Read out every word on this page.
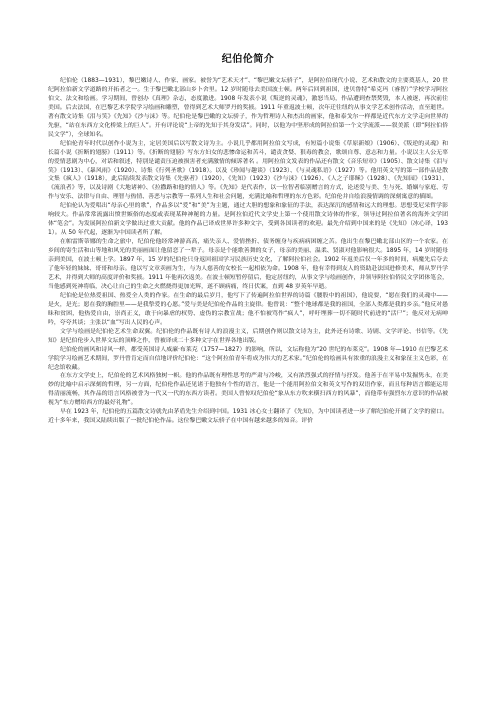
纪伯伦简介

纪伯伦（1883—1931），黎巴嫩诗人、作家、画家。被誉为“艺术天才”、“黎巴嫩文坛骄子”，是阿拉伯现代小说、艺术和散文的主要奠基人，20 世纪阿拉伯新文学道路的开拓者之一。生于黎巴嫩北部山乡卜舍里。12 岁时随母去美国波士顿。两年后回到祖国，进贝鲁特“希克玛（睿智）”学校学习阿拉伯文、法文和绘画。学习期间，曾创办《真理》杂志，态度激进。1908 年发表小说《叛逆的灵魂》，激怒当局，作品遭到查禁焚毁，本人被逐，再次前往美国。后去法国，在巴黎艺术学院学习绘画和雕塑，曾得到艺术大师罗丹的奖掖。1911 年重返波士顿，次年迁往纽约从事文学艺术创作活动，直至逝世。著有散文诗集《泪与笑》《先知》《沙与沫》等。纪伯伦是黎巴嫩的文坛骄子，作为哲理诗人和杰出的画家，他和泰戈尔一样都是近代东方文学走向世界的先驱，“站在东西方文化桥梁上的巨人”。开有评论说“上帝的先知于其身发话”。同时，以他为中坚形成的阿拉伯第一个文学流派——叙美派（即“阿拉伯侨民文学”），全球知名。

纪伯伦青年时代以创作小说为主，定居美国后以写散文诗为主。小说几乎都用阿拉伯文写成，有短篇小说集《草原新娘》（1906）、《叛逆的灵魂》和长篇小说《折断的翅膀》（1911）等。《折断的翅膀》写东方妇女的悲惨命运和苦斗，谴责贪婪、狠毒的教会，歌颂自尊、意志和力量。小说以主人公无辜的爱情悲剧为中心，对话和叙述，特别是谴责压迫被损害者充满激情的倾诉著名 。用阿拉伯文发表的作品还有散文《音乐短章》（1905）、散文诗集《泪与笑》（1913）、《暴风雨》（1920）、诗集《行列圣歌》（1918）。以及《珍闻与趣谈》（1923）、《与灵魂私语》（1927）等。他用英文写的第一部作品是散文集《疯人》（1918），此后陆续发表散文诗集《先驱者》（1920）、《先知》（1923）《沙与沫》（1926）、《人之子耶稣》（1928）、《先知园》（1931）、《流浪者》等，以及诗剧《大地诸神》、《拉撒路和他的情人》等。《先知》是代表作，以一位智者临别赠言的方式，论述爱与美、生与死、婚姻与家庭、劳作与安乐、法律与自由、理智与热情、善恶与宗教等一系列人生和社会问题，充满比喻和哲理的东方色彩。纪伯伦并自绘浪漫情调的深刻寓意的插图。

纪伯伦认为爱唱出“母亲心里的歌”，作品多以“爱”和“美”为主题，通过大胆的想象和象征的手法，表达深沉的感情和远大的理想。思想受尼采哲学影响较大。作品常常流露出愤世嫉俗的态度或表现某种神秘的力量。是阿拉伯近代文学史上第一个使用散文诗体的作家，领导过阿拉伯著名的海外文学团体“笔会”。为发展阿拉伯新文学做出过重大贡献。他的作品已译成世界许多种文字，受到各国读者的欢迎。最先介绍到中国来的是《先知》（冰心译，1931）。从 50 年代起，逐渐为中国读者所了解。

在帕雷斯蒂娜的生命之旅中，纪伯伦他经常神游高高，痛失亲人、爱情挫折、债务缠身与疾病病困缠之苦。他出生在黎巴嫩北部山区的一个农家。在乡间的寄生活和山等地和风光的美丽画面让他留恋了一辈子。母亲是个能歌善舞的女子，母亲的美丽、温柔、贤淑对他影响很大。1895 年，14 岁时随母亲到美国，在波士顿上学。1897 年，15 岁的纪伯伦只身返回祖国学习民族历史文化，了解阿拉伯社会。1902 年返美后仅一年多的时间，病魔先后夺去了他年轻的妹妹、哥哥和母亲。他以写文章卖画为生，与为人慈善的女校长一起相依为命。1908 年，他有幸得到友人的资助赴法国进修美术，师从罗丹学艺术，并得到大师的高度评价和奖掖。1911 年他再次返美。在波士顿短暂停留后，他定居纽约，从事文学与绘画创作，并领导阿拉伯侨民文学团体笔会，当他感到死神将临，决心让自己的生命之火燃烧得更加光辉，遂不顾病痛，终日伏案，直到 48 岁英年早逝。

纪伯伦是位热爱祖国、热爱全人类的作家。在生命的最后岁月，他写下了传遍阿拉伯世界的诗篇《腰股中的祖国》，他说要，“愿在我们的灵魂中——是火，是光；愿在我的胸腔里——是我挚爱的心愿。”爱与美是纪伯伦作品的主旋律。他曾说：“整个地球都是我的祖国，全部人类都是我的乡亲。”他反对愚昧和贫困，他热爱自由，崇尚正义，敢于向暴虐的权势、虚伪的宗教宣战；他不怕被骂作“疯人”，呼吁埋葬一切不随时代前进的“活尸”；他反对无病呻吟，夸夸其谈；主张以“血”写出人民的心声。

文学与绘画是纪伯伦艺术生命双翼。纪伯伦的作品既有诗人的浪漫主义，后期创作则以散文诗为主，此外还有诗歌、诗剧、文学评论、书信等。《先知》是纪伯伦步入世界文坛的顶峰之作，曾被译成二十多种文字在世界各地出版。

纪伯伦的画风和诗风一样，都受英国诗人威廉·布莱克（1757—1827）的影响，所以，文坛称他为“20 世纪的布莱克”。1908 年—1910 在巴黎艺术学院学习绘画艺术期间，罗丹曾肯定而自信地评价纪伯伦：“这个阿拉伯青年将成为伟大的艺术家。”纪伯伦的绘画具有浓重的浪漫主义和象征主义色彩，在纪念馆收藏。

在东方文学史上，纪伯伦的艺术风格独树一帜。他的作品既有理性思考的严肃与冷峻，又有浓烈强式的抒情与抒发。他善于在平易中发掘隽永，在美妙的比喻中启示深刻的哲理，另一方面，纪伯伦作品还见诸于他独有个性的语言，他是一个能用阿拉伯文和英文写作的双语作家，而且每种语言都能运用得清丽流畅，其作品的语言风格被誉为一代又一代的东西方读者。美国人曾惊叹纪伯伦“象从东方吹来横扫西方的风暴”，而他带有强烈东方意识的作品被视为“东方赠给西方的最好礼物”。

早在 1923 年，纪伯伦的五篇散文诗就先由茅盾先生介绍到中国。1931 冰心女士翻译了《先知》，为中国读者进一步了解纪伯伦开阔了文学的窗口。近十多年来，我国又陆续出版了一批纪伯伦作品。这位黎巴嫩文坛骄子在中国有越来越多的知音。评价
